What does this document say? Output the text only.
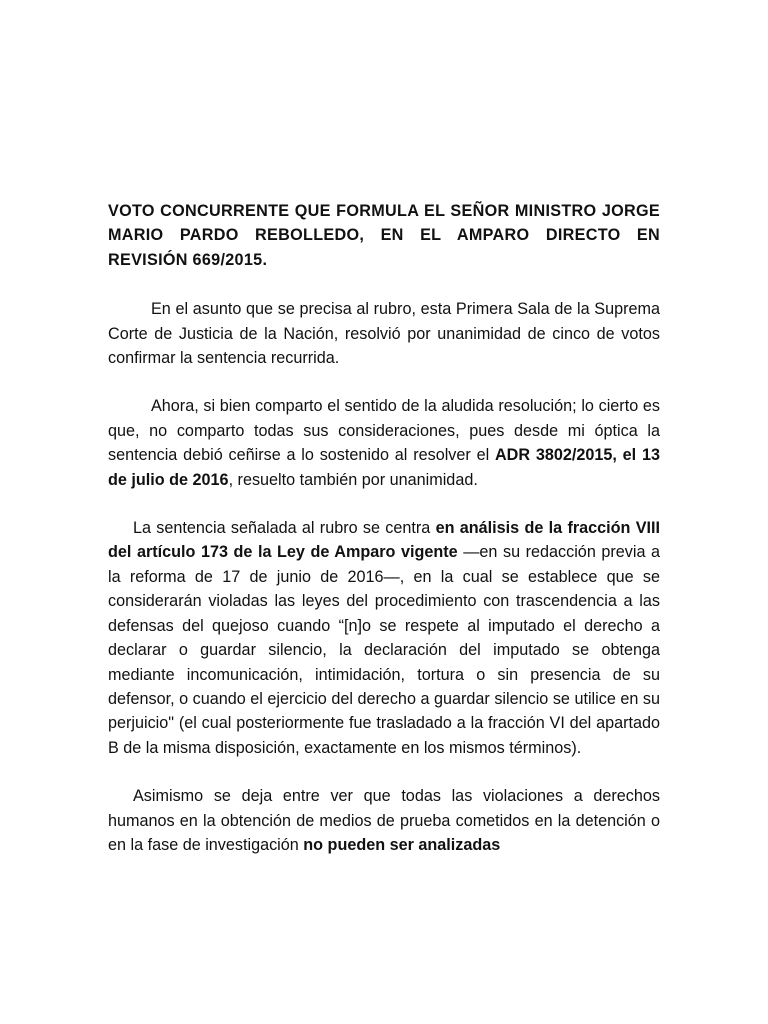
VOTO CONCURRENTE QUE FORMULA EL SEÑOR MINISTRO JORGE MARIO PARDO REBOLLEDO, EN EL AMPARO DIRECTO EN REVISIÓN 669/2015.

En el asunto que se precisa al rubro, esta Primera Sala de la Suprema Corte de Justicia de la Nación, resolvió por unanimidad de cinco de votos confirmar la sentencia recurrida.

Ahora, si bien comparto el sentido de la aludida resolución; lo cierto es que, no comparto todas sus consideraciones, pues desde mi óptica la sentencia debió ceñirse a lo sostenido al resolver el ADR 3802/2015, el 13 de julio de 2016, resuelto también por unanimidad.

La sentencia señalada al rubro se centra en análisis de la fracción VIII del artículo 173 de la Ley de Amparo vigente —en su redacción previa a la reforma de 17 de junio de 2016—, en la cual se establece que se considerarán violadas las leyes del procedimiento con trascendencia a las defensas del quejoso cuando “[n]o se respete al imputado el derecho a declarar o guardar silencio, la declaración del imputado se obtenga mediante incomunicación, intimidación, tortura o sin presencia de su defensor, o cuando el ejercicio del derecho a guardar silencio se utilice en su perjuicio" (el cual posteriormente fue trasladado a la fracción VI del apartado B de la misma disposición, exactamente en los mismos términos).

Asimismo se deja entre ver que todas las violaciones a derechos humanos en la obtención de medios de prueba cometidos en la detención o en la fase de investigación no pueden ser analizadas
